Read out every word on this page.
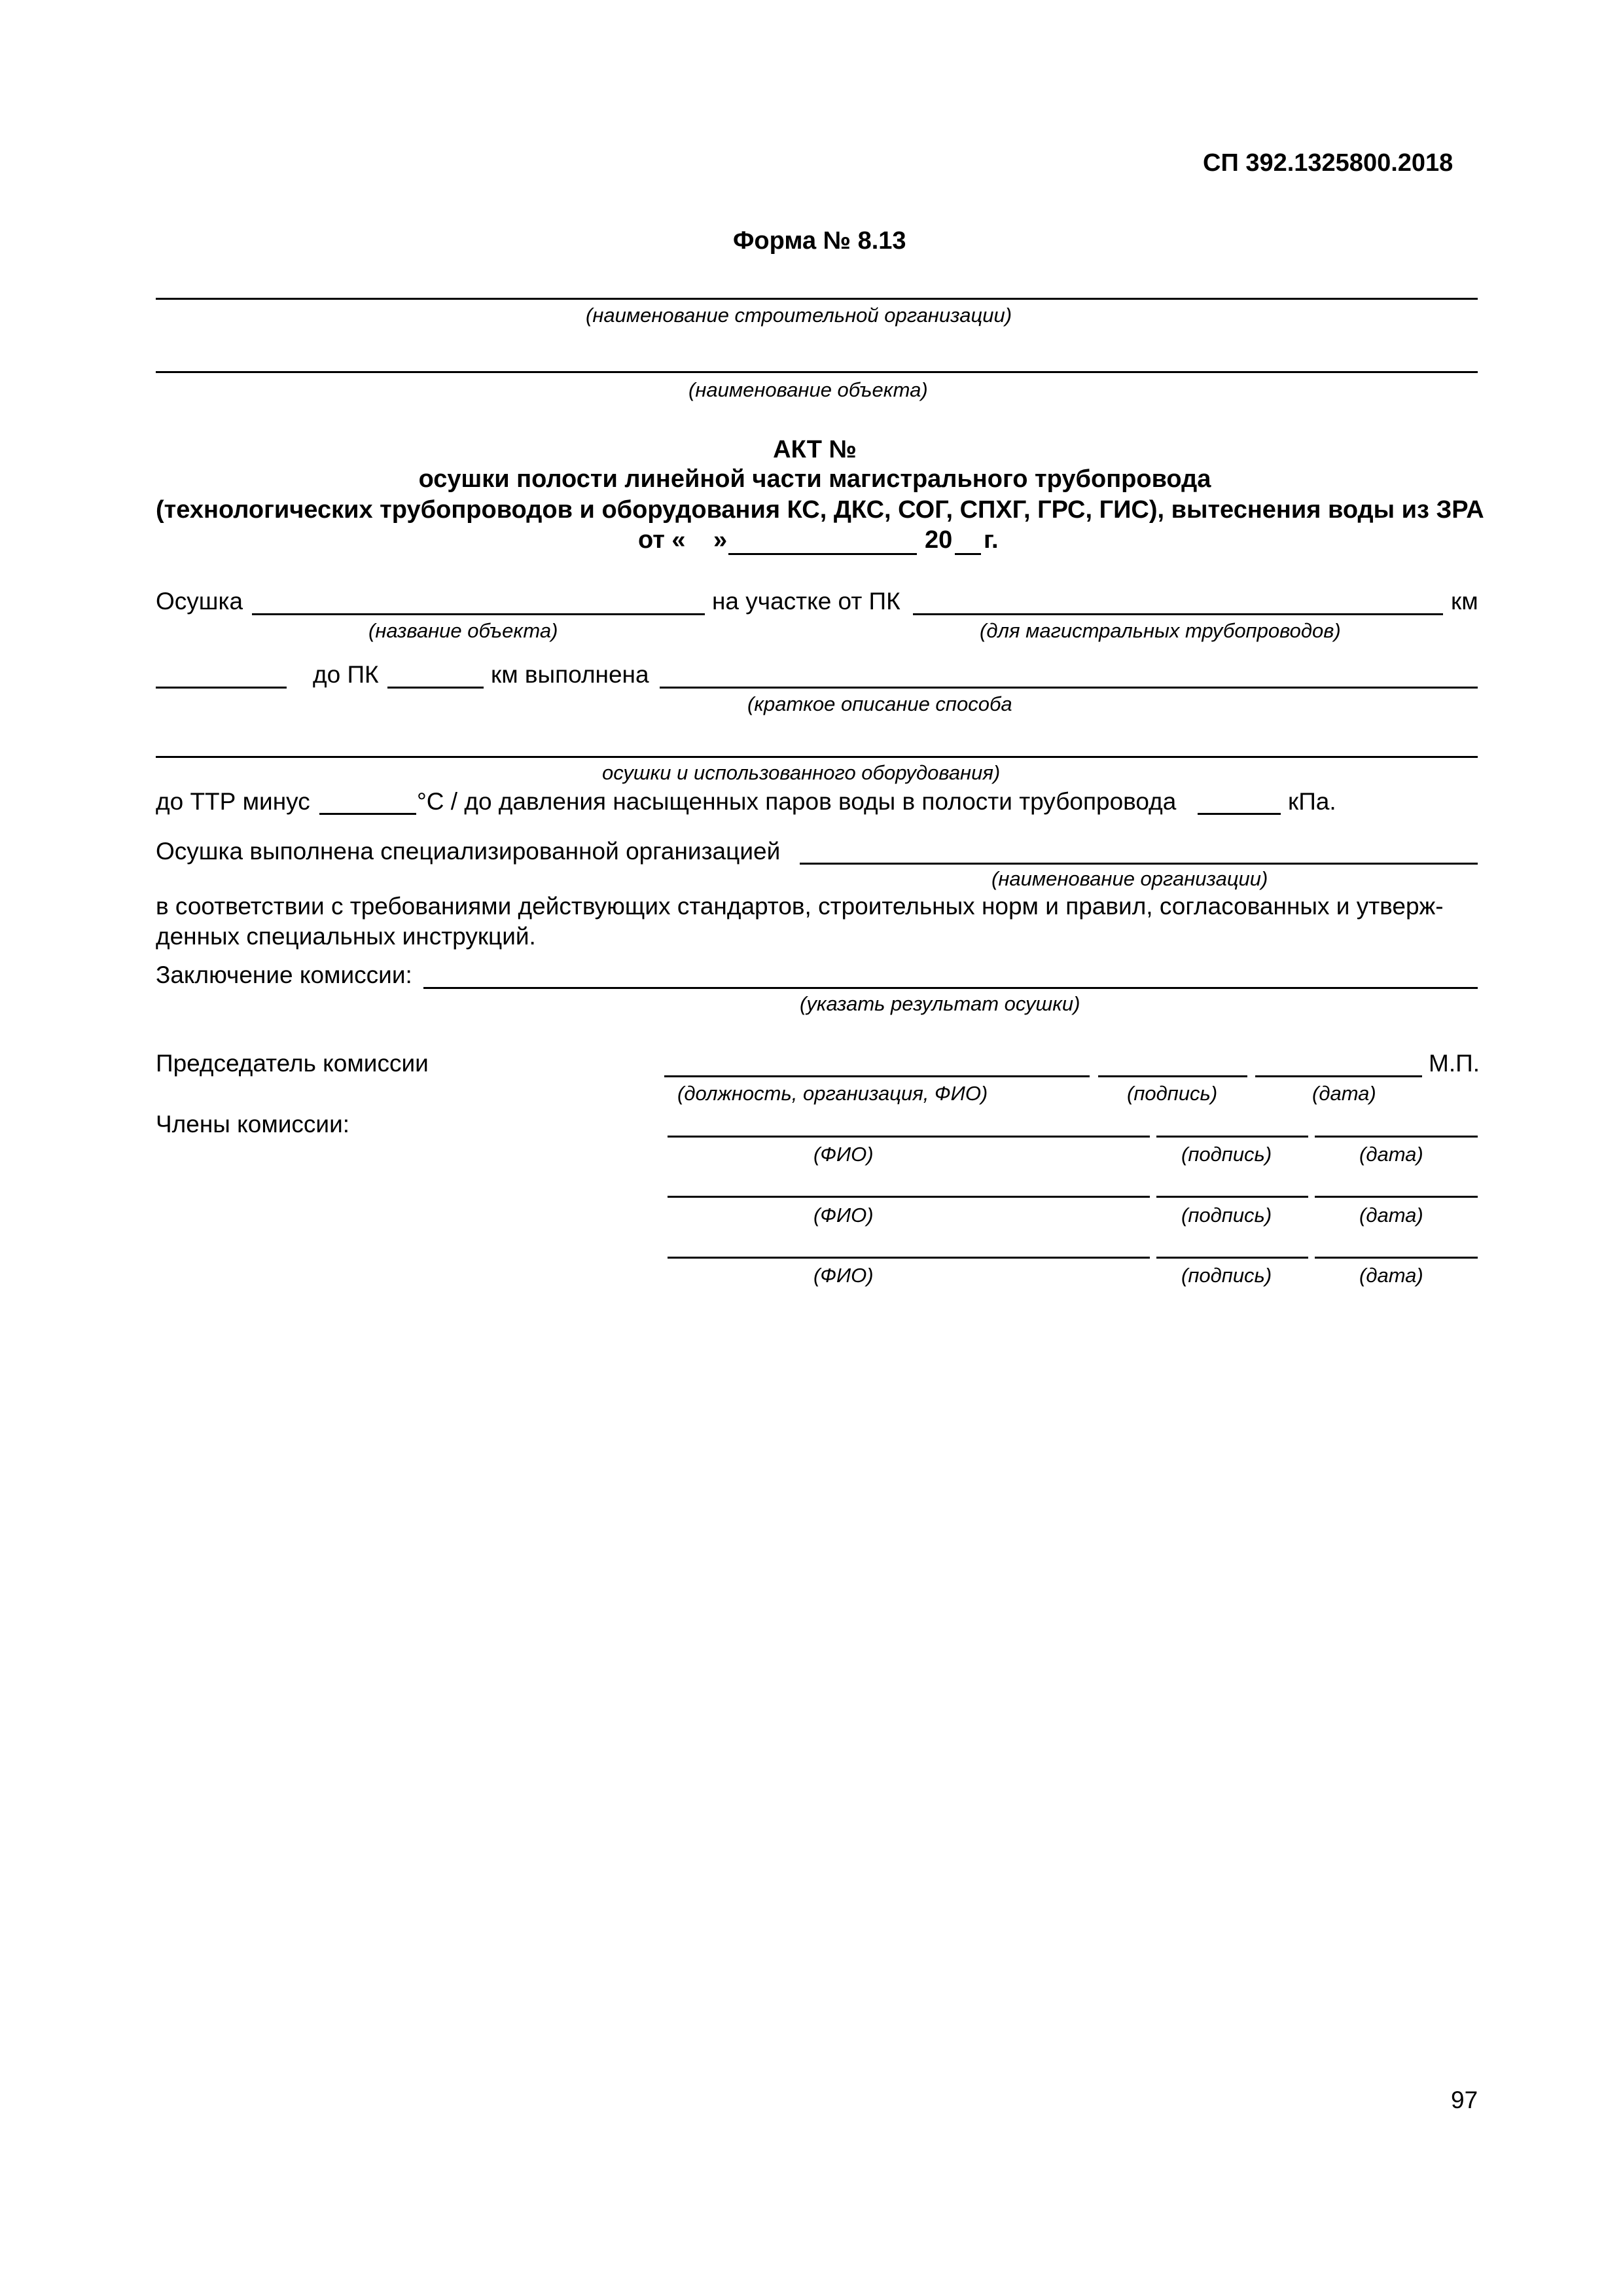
СП 392.1325800.2018
Форма № 8.13
(наименование строительной организации)
(наименование объекта)
АКТ №
осушки полости линейной части магистрального трубопровода
(технологических трубопроводов и оборудования КС, ДКС, СОГ, СПХГ, ГРС, ГИС), вытеснения воды из ЗРА
от « »	20 г.
Осушка	на участке от ПК	км
(название объекта)	(для магистральных трубопроводов)
до ПК	км выполнена
(краткое описание способа
осушки и использованного оборудования)
до ТТР минус	°С / до давления насыщенных паров воды в полости трубопровода	кПа.
Осушка выполнена специализированной организацией
(наименование организации)
в соответствии с требованиями действующих стандартов, строительных норм и правил, согласованных и утверж-
денных специальных инструкций.
Заключение комиссии:
(указать результат осушки)
Председатель комиссии	М.П.
(должность, организация, ФИО)	(подпись)	(дата)
Члены комиссии:
(ФИО)	(подпись)	(дата)
(ФИО)	(подпись)	(дата)
(ФИО)	(подпись)	(дата)
97
